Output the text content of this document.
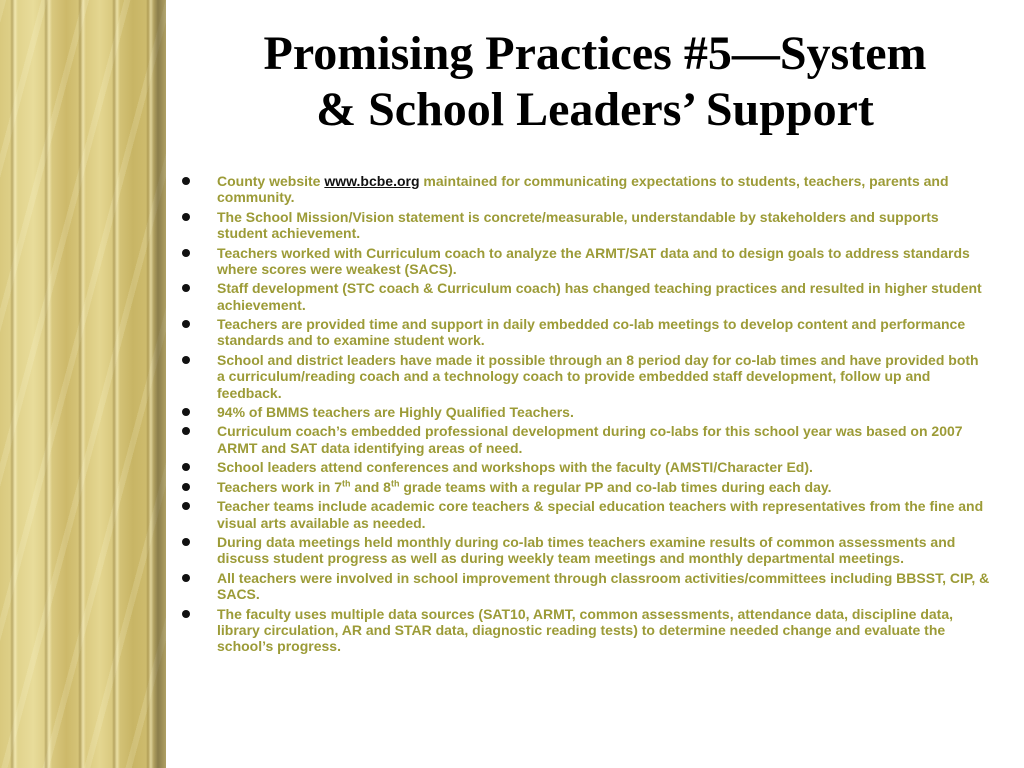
Promising Practices #5—System
& School Leaders’ Support
County website www.bcbe.org maintained for communicating expectations to students, teachers, parents and community.
The School Mission/Vision statement is concrete/measurable, understandable by stakeholders and supports student achievement.
Teachers worked with Curriculum coach to analyze the ARMT/SAT data and to design goals to address standards where scores were weakest (SACS).
Staff development (STC coach & Curriculum coach) has changed teaching practices and resulted in higher student achievement.
Teachers are provided time and support in daily embedded co-lab meetings to develop content and performance standards and to examine student work.
School and district leaders have made it possible through an 8 period day for co-lab times and have provided both a curriculum/reading coach and a technology coach to provide embedded staff development, follow up and feedback.
94% of BMMS teachers are Highly Qualified Teachers.
Curriculum coach’s embedded professional development during co-labs for this school year was based on 2007 ARMT and SAT data identifying areas of need.
School leaders attend conferences and workshops with the faculty (AMSTI/Character Ed).
Teachers work in 7th and 8th grade teams with a regular PP and co-lab times during each day.
Teacher teams include academic core teachers & special education teachers with representatives from the fine and visual arts available as needed.
During data meetings held monthly during co-lab times teachers examine results of common assessments and discuss student progress as well as during weekly team meetings and monthly departmental meetings.
All teachers were involved in school improvement through classroom activities/committees including BBSST, CIP, & SACS.
The faculty uses multiple data sources (SAT10, ARMT, common assessments, attendance data, discipline data, library circulation, AR and STAR data, diagnostic reading tests) to determine needed change and evaluate the school’s progress.
